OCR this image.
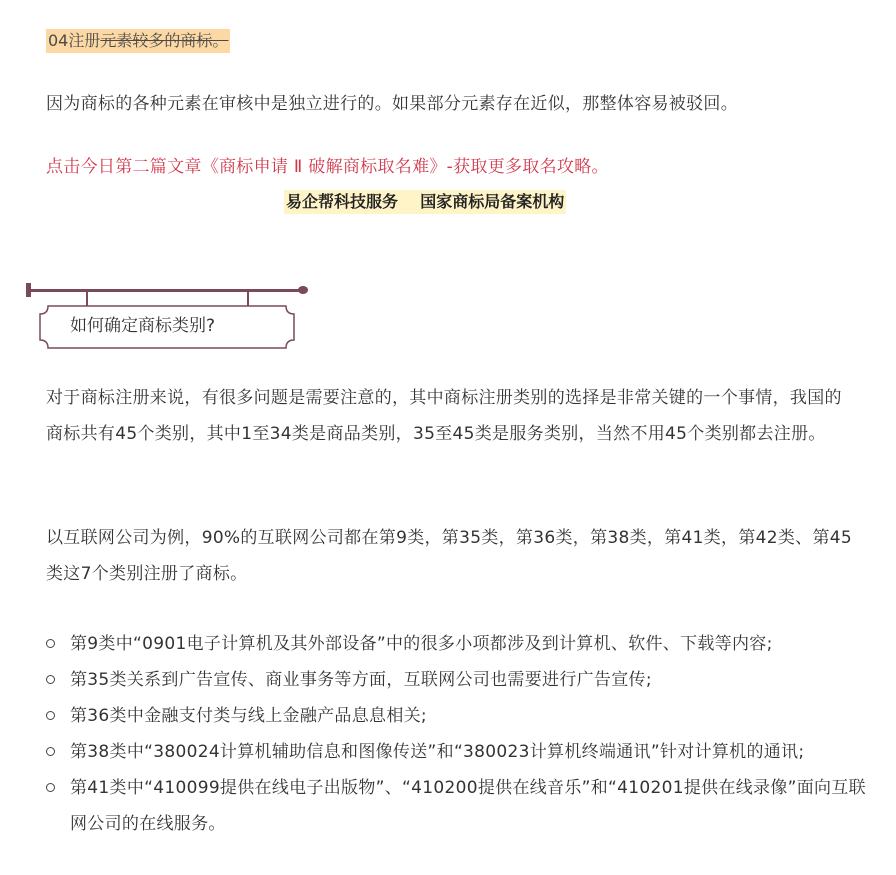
04注册元素较多的商标。
因为商标的各种元素在审核中是独立进行的。如果部分元素存在近似，那整体容易被驳回。
点击今日第二篇文章《商标申请 Ⅱ 破解商标取名难》-获取更多取名攻略。
易企帮科技服务    国家商标局备案机构
如何确定商标类别?
对于商标注册来说，有很多问题是需要注意的，其中商标注册类别的选择是非常关键的一个事情，我国的商标共有45个类别，其中1至34类是商品类别，35至45类是服务类别，当然不用45个类别都去注册。
以互联网公司为例，90%的互联网公司都在第9类，第35类，第36类，第38类，第41类，第42类、第45类这7个类别注册了商标。
第9类中“0901电子计算机及其外部设备”中的很多小项都涉及到计算机、软件、下载等内容;
第35类关系到广告宣传、商业事务等方面，互联网公司也需要进行广告宣传;
第36类中金融支付类与线上金融产品息息相关;
第38类中“380024计算机辅助信息和图像传送”和“380023计算机终端通讯”针对计算机的通讯;
第41类中“410099提供在线电子出版物”、“410200提供在线音乐”和“410201提供在线录像”面向互联网公司的在线服务。
